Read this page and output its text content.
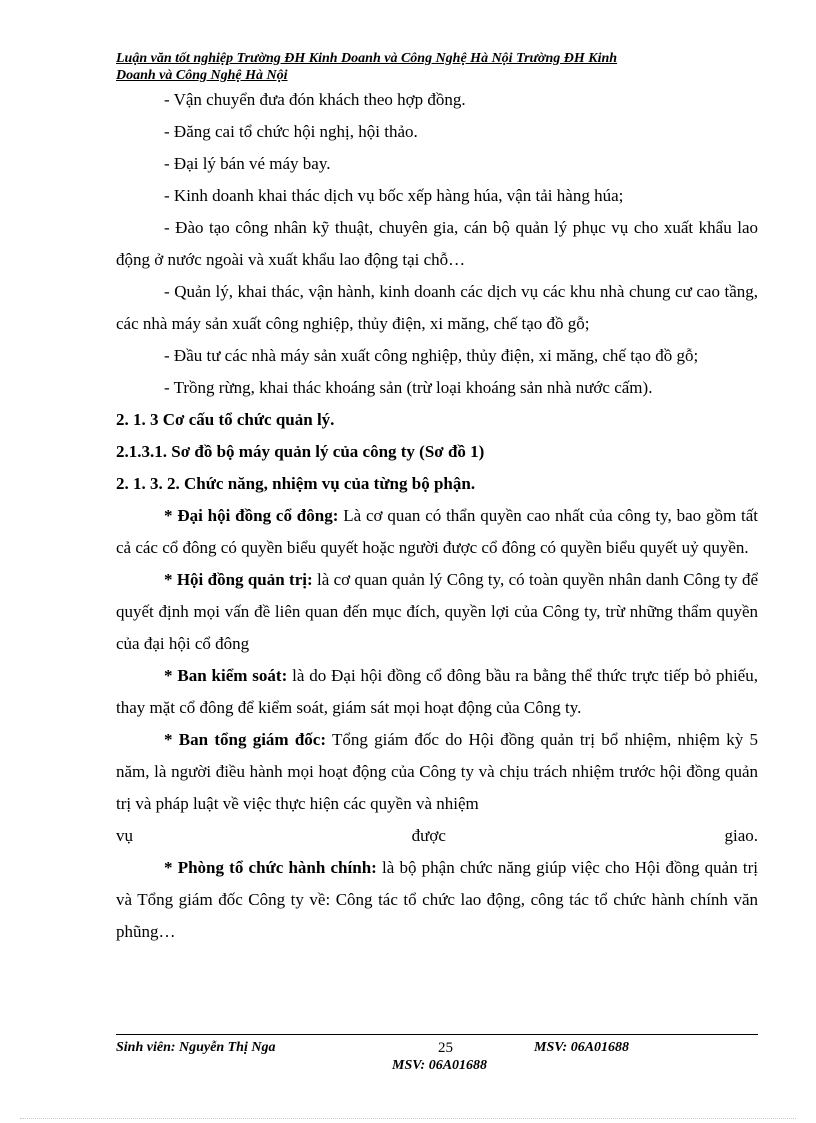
Luận văn tốt nghiệp Trường ĐH Kinh Doanh và Công Nghệ Hà Nội Trường ĐH Kinh
Doanh và Công Nghệ Hà Nội

- Vận chuyển đưa đón khách theo hợp đồng.

- Đăng cai tổ chức hội nghị, hội thảo.

- Đại lý bán vé máy bay.

- Kinh doanh khai thác dịch vụ bốc xếp hàng húa, vận tải hàng húa;

- Đào tạo công nhân kỹ thuật, chuyên gia, cán bộ quản lý phục vụ cho xuất khẩu lao động ở nước ngoài và xuất khẩu lao động tại chỗ…

- Quản lý, khai thác, vận hành, kinh doanh các dịch vụ các khu nhà chung cư cao tầng, các nhà máy sản xuất công nghiệp, thủy điện, xi măng, chế tạo đồ gỗ;

- Đầu tư các nhà máy sản xuất công nghiệp, thủy điện, xi măng, chế tạo đồ gỗ;

- Trồng rừng, khai thác khoáng sản (trừ loại khoáng sản nhà nước cấm).

2. 1. 3 Cơ cấu tổ chức quản lý.

2.1.3.1. Sơ đồ bộ máy quản lý của công ty (Sơ đồ 1)

2. 1. 3. 2. Chức năng, nhiệm vụ của từng bộ phận.

* Đại hội đồng cổ đông: Là cơ quan có thẩn quyền cao nhất của công ty, bao gồm tất cả các cổ đông có quyền biểu quyết hoặc người được cổ đông có quyền biểu quyết uỷ quyền.

* Hội đồng quản trị: là cơ quan quản lý Công ty, có toàn quyền nhân danh Công ty để quyết định mọi vấn đề liên quan đến mục đích, quyền lợi của Công ty, trừ những thẩm quyền của đại hội cổ đông

* Ban kiểm soát: là do Đại hội đồng cổ đông bầu ra bằng thể thức trực tiếp bỏ phiếu, thay mặt cổ đông để kiểm soát, giám sát mọi hoạt động của Công ty.

* Ban tổng giám đốc: Tổng giám đốc do Hội đồng quản trị bổ nhiệm, nhiệm kỳ 5 năm, là người điều hành mọi hoạt động của Công ty và chịu trách nhiệm trước hội đồng quản trị và pháp luật về việc thực hiện các quyền và nhiệm

vụ	được	giao.

* Phòng tổ chức hành chính: là bộ phận chức năng giúp việc cho Hội đồng quản trị và Tổng giám đốc Công ty về: Công tác tổ chức lao động, công tác tổ chức hành chính văn phũng…

Sinh viên: Nguyễn Thị Nga	25	MSV: 06A01688
MSV: 06A01688
